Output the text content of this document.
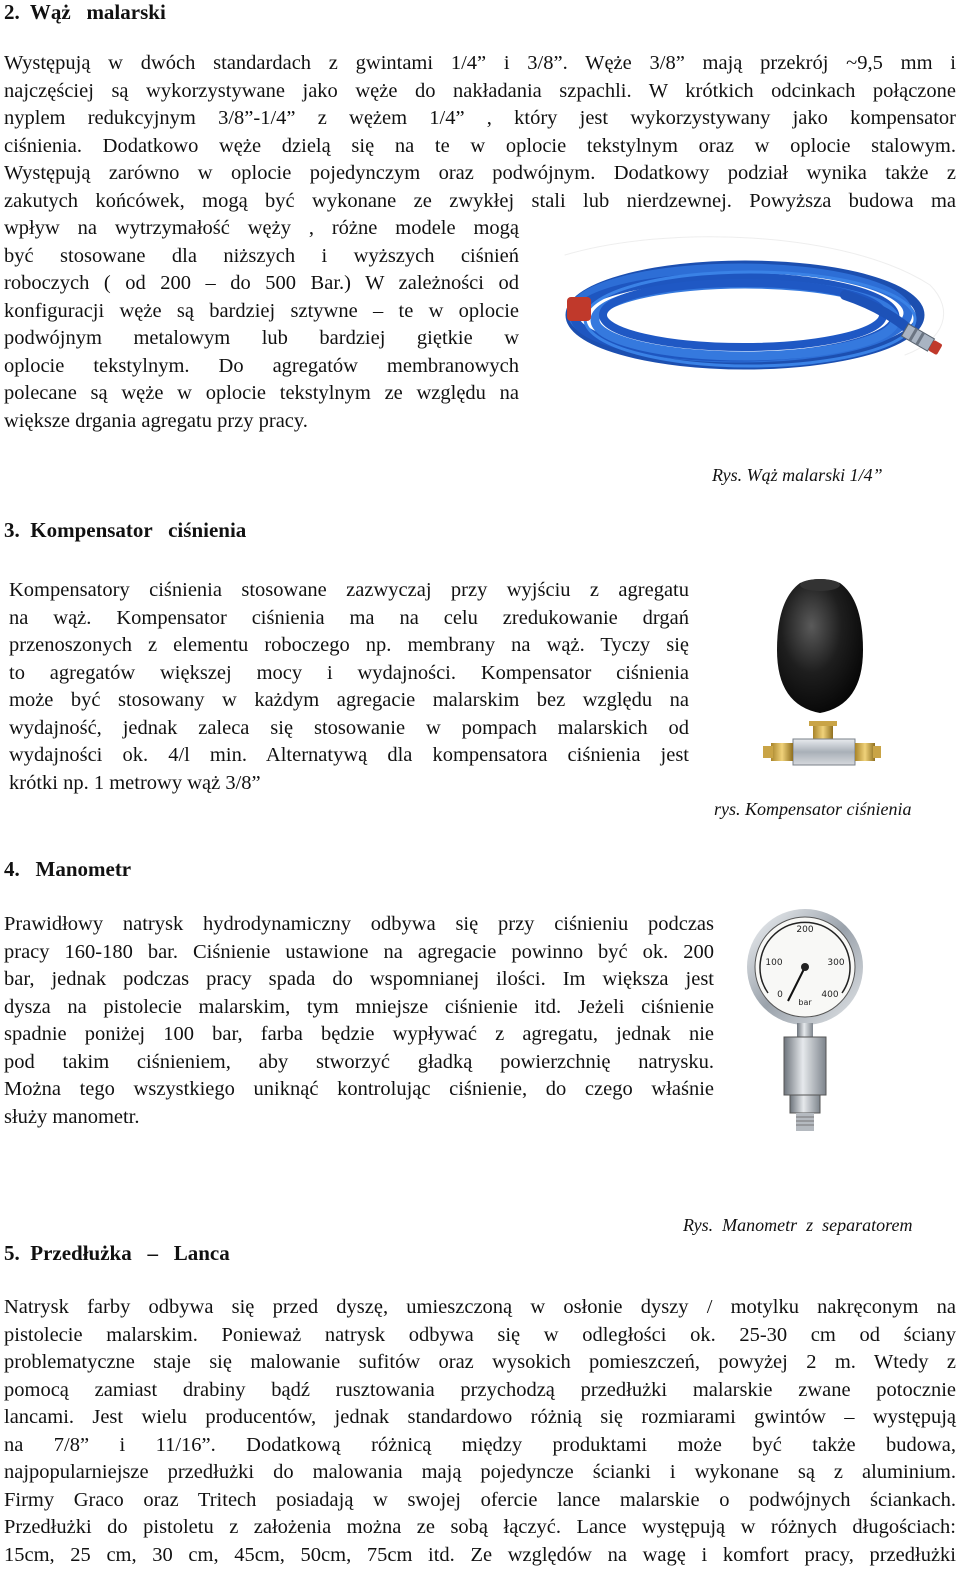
2.  Wąż   malarski
Występują w dwóch standardach z gwintami 1/4” i 3/8”. Węże 3/8” mają przekrój ~9,5 mm i
najczęściej są wykorzystywane jako węże do nakładania szpachli. W krótkich odcinkach połączone
nyplem redukcyjnym 3/8”-1/4” z wężem 1/4” , który jest wykorzystywany jako kompensator
ciśnienia. Dodatkowo węże dzielą się na te w oplocie tekstylnym oraz w oplocie stalowym.
Występują zarówno w oplocie pojedynczym oraz podwójnym. Dodatkowy podział wynika także z
zakutych końcówek, mogą być wykonane ze zwykłej stali lub nierdzewnej. Powyższa budowa ma
wpływ na wytrzymałość węży , różne modele mogą
być stosowane dla niższych i wyższych ciśnień
roboczych ( od 200 – do 500 Bar.) W zależności od
konfiguracji węże są bardziej sztywne – te w oplocie
podwójnym metalowym lub bardziej giętkie w
oplocie tekstylnym. Do agregatów membranowych
polecane są węże w oplocie tekstylnym ze względu na
większe drgania agregatu przy pracy.
Rys. Wąż malarski 1/4”
3.  Kompensator   ciśnienia
Kompensatory ciśnienia stosowane zazwyczaj przy wyjściu z agregatu
na wąż. Kompensator ciśnienia ma na celu zredukowanie drgań
przenoszonych z elementu roboczego np. membrany na wąż. Tyczy się
to agregatów większej mocy i wydajności. Kompensator ciśnienia
może być stosowany w każdym agregacie malarskim bez względu na
wydajność, jednak zaleca się stosowanie w pompach malarskich od
wydajności ok. 4/l min. Alternatywą dla kompensatora ciśnienia jest
krótki np. 1 metrowy wąż 3/8”
rys. Kompensator ciśnienia
4.   Manometr
Prawidłowy natrysk hydrodynamiczny odbywa się przy ciśnieniu podczas
pracy 160-180 bar. Ciśnienie ustawione na agregacie powinno być ok. 200
bar, jednak podczas pracy spada do wspomnianej ilości. Im większa jest
dysza na pistolecie malarskim, tym mniejsze ciśnienie itd. Jeżeli ciśnienie
spadnie poniżej 100 bar, farba będzie wypływać z agregatu, jednak nie
pod takim ciśnieniem, aby stworzyć gładką powierzchnię natrysku.
Można tego wszystkiego uniknąć kontrolując ciśnienie, do czego właśnie
służy manometr.
200
100	300
0	400
bar
Rys.  Manometr  z  separatorem
5.  Przedłużka   –   Lanca
Natrysk farby odbywa się przed dyszę, umieszczoną w osłonie dyszy / motylku nakręconym na
pistolecie malarskim. Ponieważ natrysk odbywa się w odległości ok. 25-30 cm od ściany
problematyczne staje się malowanie sufitów oraz wysokich pomieszczeń, powyżej 2 m. Wtedy z
pomocą zamiast drabiny bądź rusztowania przychodzą przedłużki malarskie zwane potocznie
lancami. Jest wielu producentów, jednak standardowo różnią się rozmiarami gwintów – występują
na 7/8” i 11/16”. Dodatkową różnicą między produktami może być także budowa,
najpopularniejsze przedłużki do malowania mają pojedyncze ścianki i wykonane są z aluminium.
Firmy Graco oraz Tritech posiadają w swojej ofercie lance malarskie o podwójnych ściankach.
Przedłużki do pistoletu z założenia można ze sobą łączyć. Lance występują w różnych długościach:
15cm, 25 cm, 30 cm, 45cm, 50cm, 75cm itd. Ze względów na wagę i komfort pracy, przedłużki
